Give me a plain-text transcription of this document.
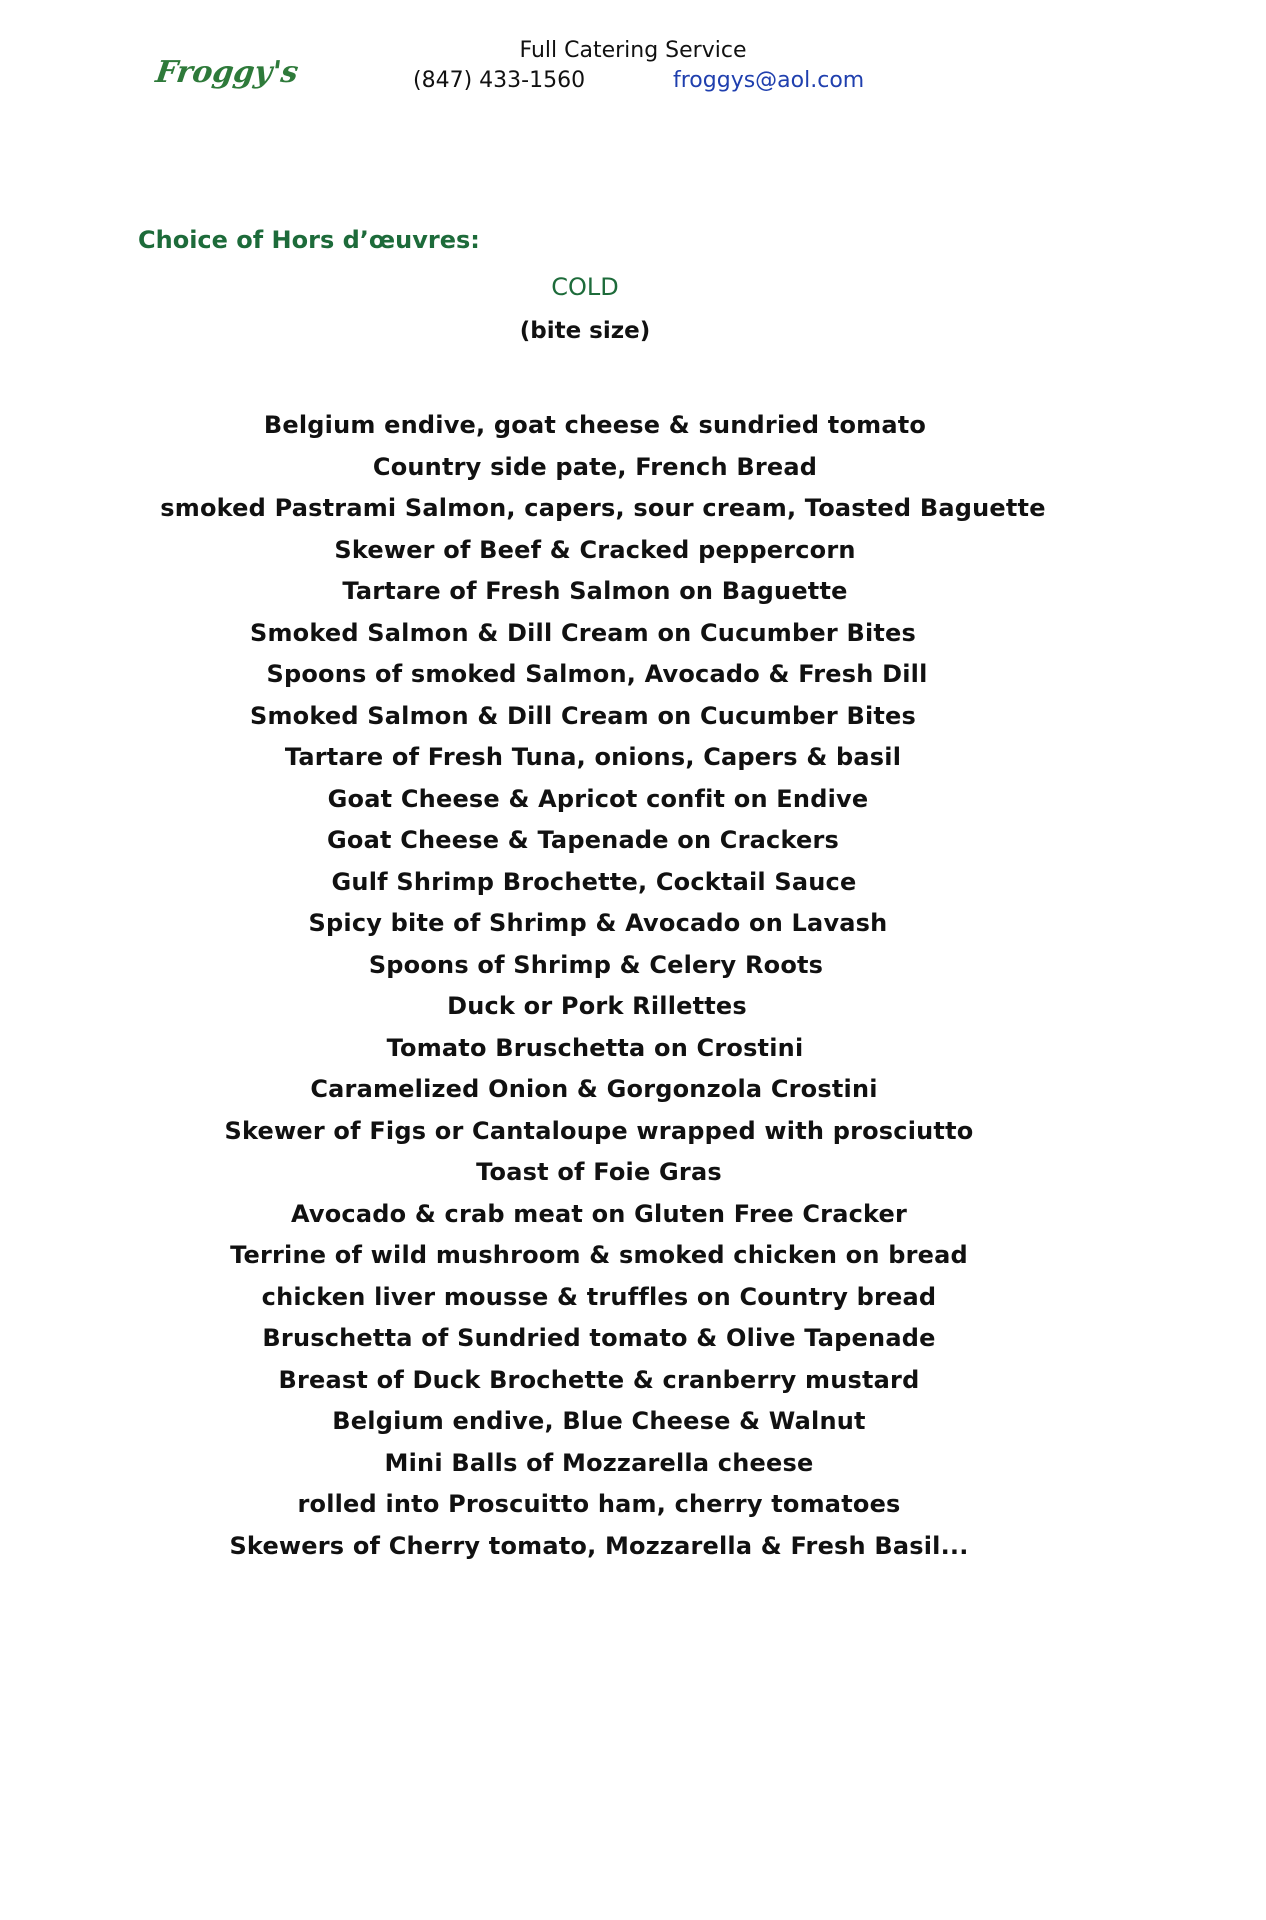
Froggy's
Full Catering Service
(847) 433-1560	froggys@aol.com
Choice of Hors d’œuvres:
COLD
(bite size)
Belgium endive, goat cheese & sundried tomato
Country side pate, French Bread
smoked Pastrami Salmon, capers, sour cream, Toasted Baguette
Skewer of Beef & Cracked peppercorn
Tartare of Fresh Salmon on Baguette
Smoked Salmon & Dill Cream on Cucumber Bites
Spoons of smoked Salmon, Avocado & Fresh Dill
Smoked Salmon & Dill Cream on Cucumber Bites
Tartare of Fresh Tuna, onions, Capers & basil
Goat Cheese & Apricot confit on Endive
Goat Cheese & Tapenade on Crackers
Gulf Shrimp Brochette, Cocktail Sauce
Spicy bite of Shrimp & Avocado on Lavash
Spoons of Shrimp & Celery Roots
Duck or Pork Rillettes
Tomato Bruschetta on Crostini
Caramelized Onion & Gorgonzola Crostini
Skewer of Figs or Cantaloupe wrapped with prosciutto
Toast of Foie Gras
Avocado & crab meat on Gluten Free Cracker
Terrine of wild mushroom & smoked chicken on bread
chicken liver mousse & truffles on Country bread
Bruschetta of Sundried tomato & Olive Tapenade
Breast of Duck Brochette & cranberry mustard
Belgium endive, Blue Cheese & Walnut
Mini Balls of Mozzarella cheese
rolled into Proscuitto ham, cherry tomatoes
Skewers of Cherry tomato, Mozzarella & Fresh Basil...
